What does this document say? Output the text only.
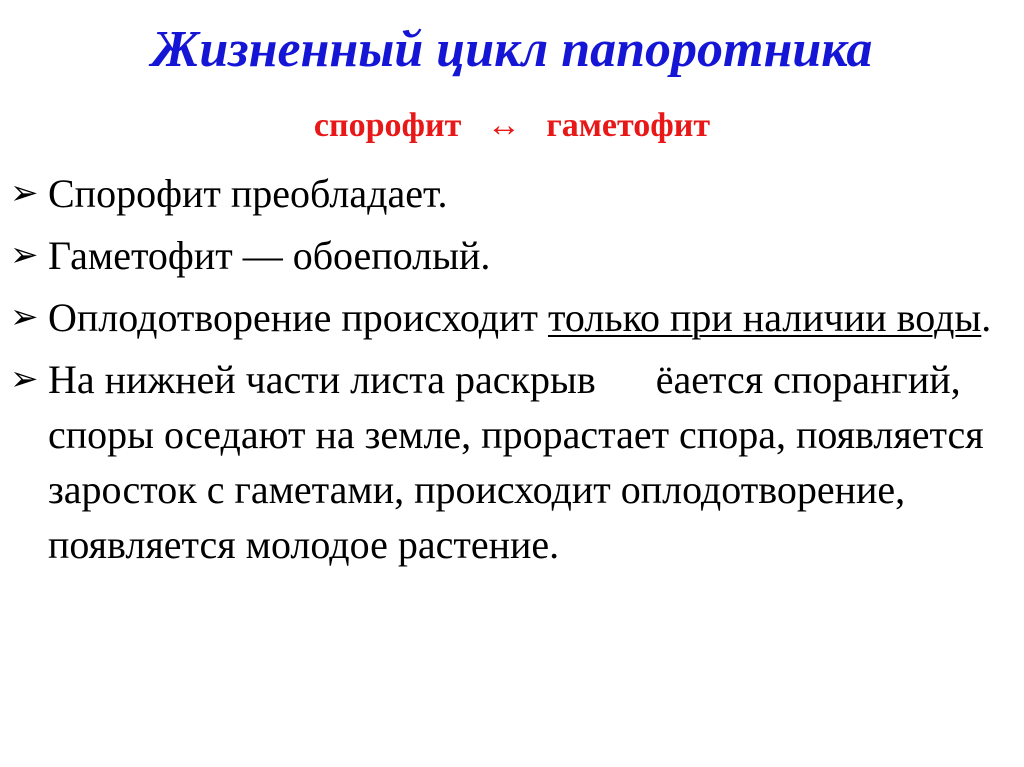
Жизненный цикл папоротника
спорофит ↔ гаметофит
➢ Спорофит преобладает.
➢ Гаметофит — обоеполый.
➢ Оплодотворение происходит только при наличии воды.
➢ На нижней части листа раскрыв ёается спорангий, споры оседают на земле, прорастает спора, появляется заросток с гаметами, происходит оплодотворение, появляется молодое растение.
